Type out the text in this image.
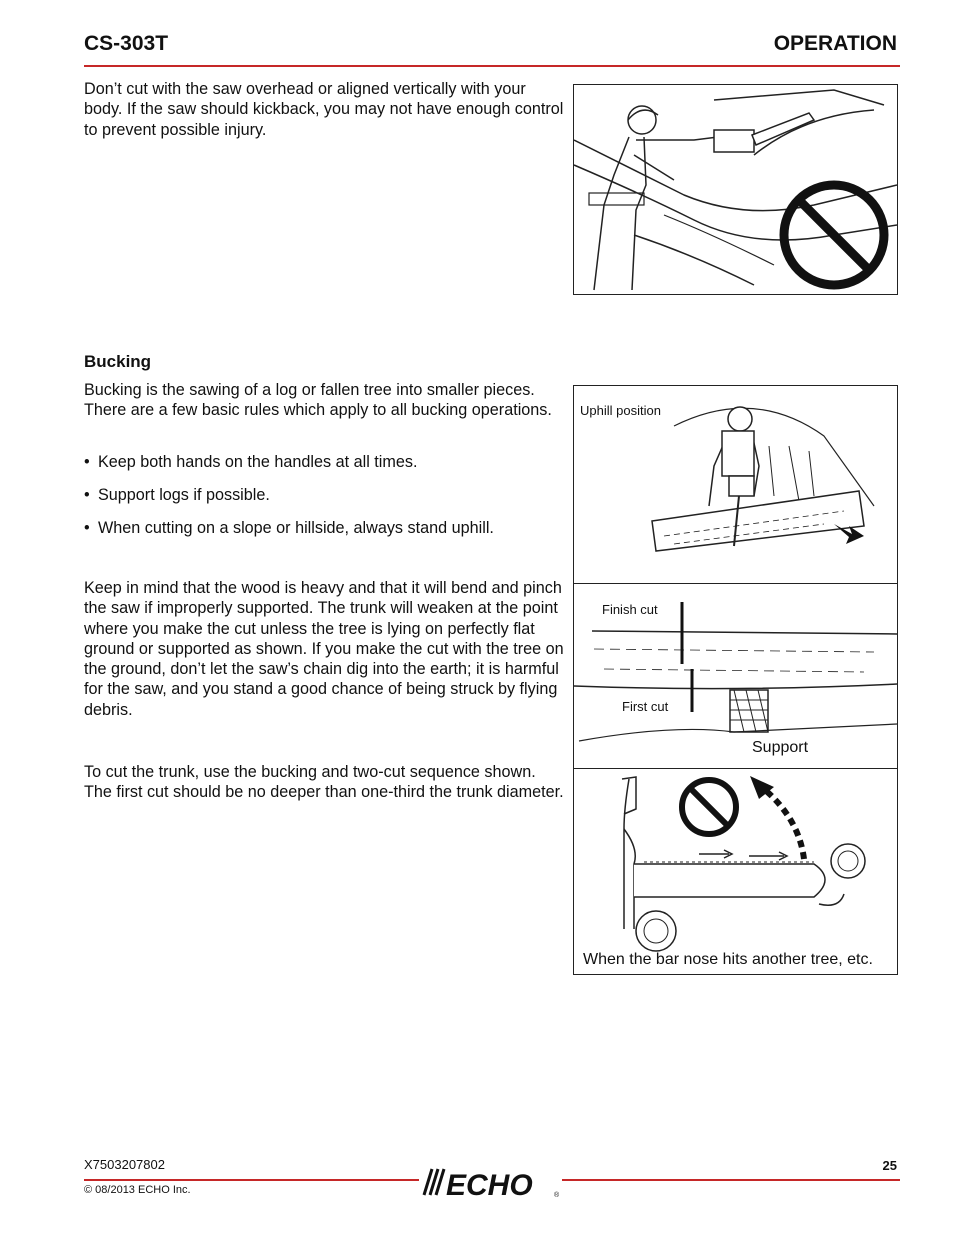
CS-303T	OPERATION
Don’t cut with the saw overhead or aligned vertically with your body. If the saw should kickback, you may not have enough control to prevent possible injury.
Bucking
Bucking is the sawing of a log or fallen tree into smaller pieces. There are a few basic rules which apply to all bucking operations.
• Keep both hands on the handles at all times.
• Support logs if possible.
• When cutting on a slope or hillside, always stand uphill.
Keep in mind that the wood is heavy and that it will bend and pinch the saw if improperly supported. The trunk will weaken at the point where you make the cut unless the tree is lying on perfectly flat ground or supported as shown. If you make the cut with the tree on the ground, don’t let the saw’s chain dig into the earth; it is harmful for the saw, and you stand a good chance of being struck by flying debris.
To cut the trunk, use the bucking and two-cut sequence shown. The first cut should be no deeper than one-third the trunk diameter.
Uphill position
Finish cut
First cut
Support
When the bar nose hits another tree, etc.
X7503207802	25
© 08/2013 ECHO Inc.	ECHO	®
